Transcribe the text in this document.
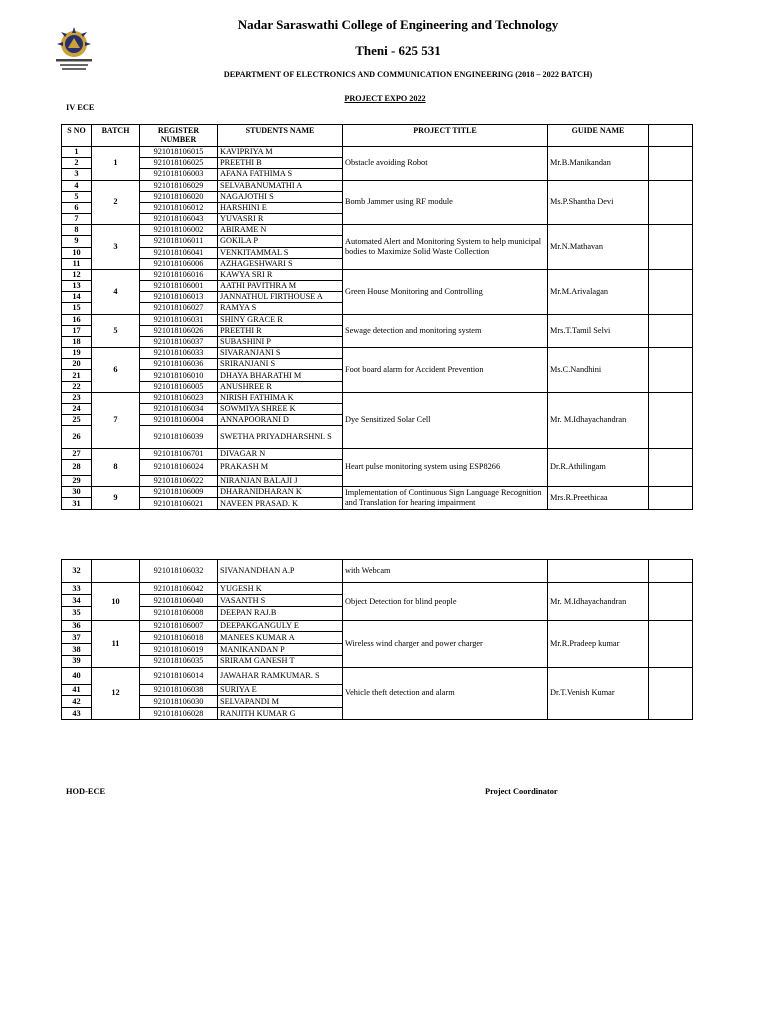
Nadar Saraswathi College of Engineering and Technology
Theni - 625 531
DEPARTMENT OF ELECTRONICS AND COMMUNICATION ENGINEERING (2018 – 2022 BATCH)
PROJECT EXPO 2022
IV ECE
S NO	BATCH	REGISTER NUMBER	STUDENTS NAME	PROJECT TITLE	GUIDE NAME	
1	1	921018106015	KAVIPRIYA M	Obstacle avoiding Robot	Mr.B.Manikandan	
2		921018106025	PREETHI B			
3		921018106003	AFANA FATHIMA S			
4	2	921018106029	SELVABANUMATHI A	Bomb Jammer using RF module	Ms.P.Shantha Devi	
5		921018106020	NAGAJOTHI S			
6		921018106012	HARSHINI E			
7		921018106043	YUVASRI R			
8	3	921018106002	ABIRAME N	Automated Alert and Monitoring System to help municipal bodies to Maximize Solid Waste Collection	Mr.N.Mathavan	
9		921018106011	GOKILA P			
10		921018106041	VENKITAMMAL S			
11		921018106006	AZHAGESHWARI S			
12	4	921018106016	KAWYA SRI R	Green House Monitoring and Controlling	Mr.M.Arivalagan	
13		921018106001	AATHI PAVITHRA M			
14		921018106013	JANNATHUL FIRTHOUSE A			
15		921018106027	RAMYA S			
16	5	921018106031	SHINY GRACE R	Sewage detection and monitoring system	Mrs.T.Tamil Selvi	
17		921018106026	PREETHI R			
18		921018106037	SUBASHINI P			
19	6	921018106033	SIVARANJANI S	Foot board alarm for Accident Prevention	Ms.C.Nandhini	
20		921018106036	SRIRANJANI S			
21		921018106010	DHAYA BHARATHI M			
22		921018106005	ANUSHREE R			
23	7	921018106023	NIRISH FATHIMA K	Dye Sensitized Solar Cell	Mr. M.Idhayachandran	
24		921018106034	SOWMIYA SHREE K			
25		921018106004	ANNAPOORANI D			
26		921018106039	SWETHA PRIYADHARSHNI. S			
27	8	921018106701	DIVAGAR N	Heart pulse monitoring system using ESP8266	Dr.R.Athilingam	
28		921018106024	PRAKASH M			
29		921018106022	NIRANJAN BALAJI J			
30	9	921018106009	DHARANIDHARAN K	Implementation of Continuous Sign Language Recognition and Translation for hearing impairment	Mrs.R.Preethicaa	
31		921018106021	NAVEEN PRASAD. K			
32		921018106032	SIVANANDHAN A.P	with Webcam		
33	10	921018106042	YUGESH K	Object Detection for blind people	Mr. M.Idhayachandran	
34		921018106040	VASANTH S			
35		921018106008	DEEPAN RAJ.B			
36	11	921018106007	DEEPAKGANGULY E	Wireless wind charger and power charger	Mr.R.Pradeep kumar	
37		921018106018	MANEES KUMAR A			
38		921018106019	MANIKANDAN P			
39		921018106035	SRIRAM GANESH T			
40	12	921018106014	JAWAHAR RAMKUMAR. S	Vehicle theft detection and alarm	Dr.T.Venish Kumar	
41		921018106038	SURIYA E			
42		921018106030	SELVAPANDI M			
43		921018106028	RANJITH KUMAR G			
HOD-ECE	Project Coordinator
